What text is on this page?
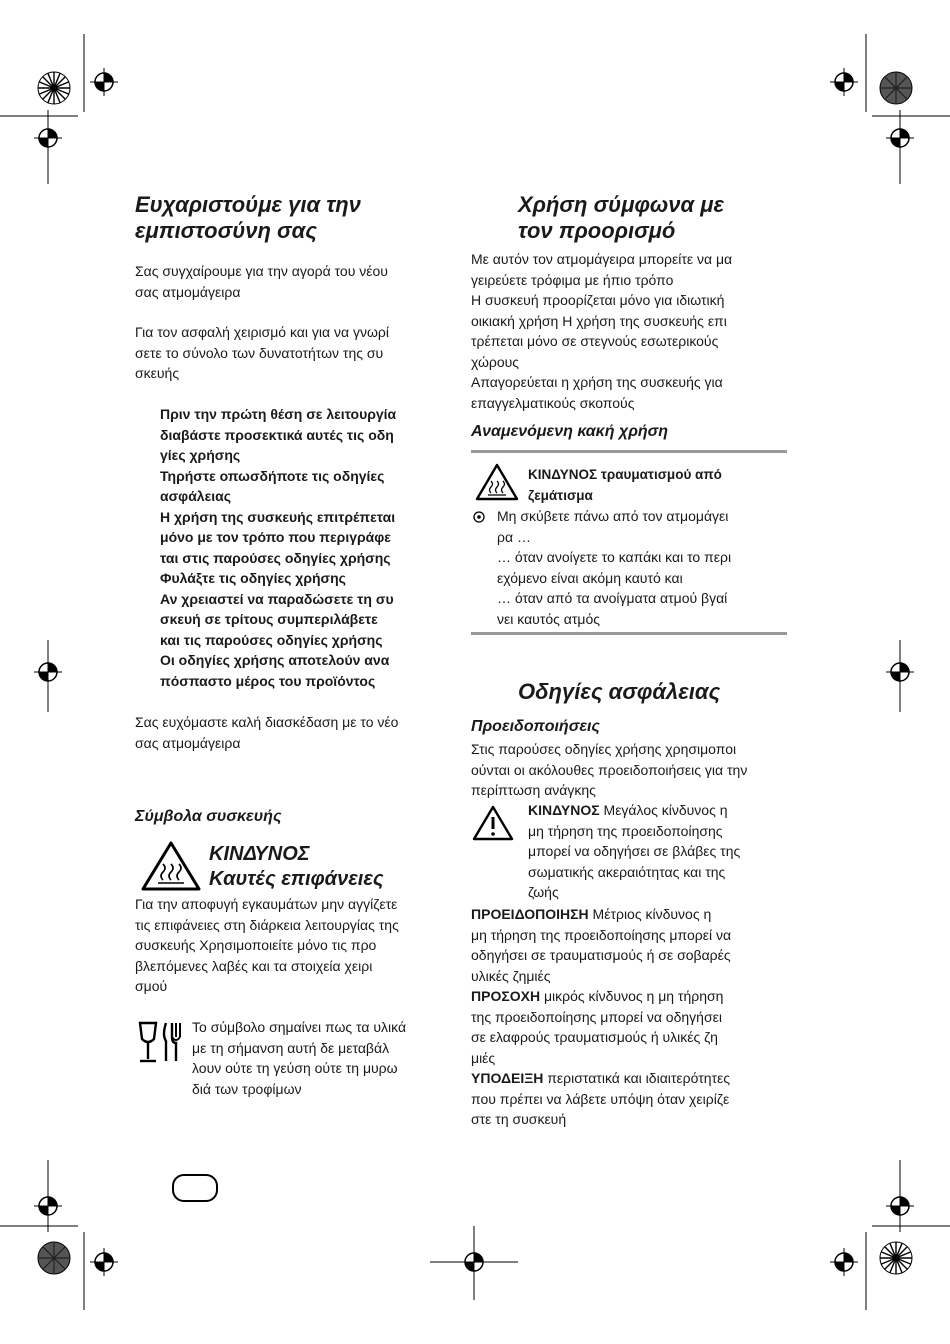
Ευχαριστούμε για την
εμπιστοσύνη σας

Σας συγχαίρουμε για την αγορά του νέου
σας ατμομάγειρα

Για τον ασφαλή χειρισμό και για να γνωρί
σετε το σύνολο των δυνατοτήτων της συ
σκευής

Πριν την πρώτη θέση σε λειτουργία
διαβάστε προσεκτικά αυτές τις οδη
γίες χρήσης
Τηρήστε οπωσδήποτε τις οδηγίες
ασφάλειας
Η χρήση της συσκευής επιτρέπεται
μόνο με τον τρόπο που περιγράφε
ται στις παρούσες οδηγίες χρήσης
Φυλάξτε τις οδηγίες χρήσης
Αν χρειαστεί να παραδώσετε τη συ
σκευή σε τρίτους συμπεριλάβετε
και τις παρούσες οδηγίες χρήσης
Οι οδηγίες χρήσης αποτελούν ανα
πόσπαστο μέρος του προϊόντος

Σας ευχόμαστε καλή διασκέδαση με το νέο
σας ατμομάγειρα

Σύμβολα συσκευής
ΚΙΝΔΥΝΟΣ
Καυτές επιφάνειες

Για την αποφυγή εγκαυμάτων μην αγγίζετε
τις επιφάνειες στη διάρκεια λειτουργίας της
συσκευής Χρησιμοποιείτε μόνο τις προ
βλεπόμενες λαβές και τα στοιχεία χειρι
σμού

Το σύμβολο σημαίνει πως τα υλικά
με τη σήμανση αυτή δε μεταβάλ
λουν ούτε τη γεύση ούτε τη μυρω
διά των τροφίμων

Χρήση σύμφωνα με
τον προορισμό

Με αυτόν τον ατμομάγειρα μπορείτε να μα
γειρεύετε τρόφιμα με ήπιο τρόπο
Η συσκευή προορίζεται μόνο για ιδιωτική
οικιακή χρήση Η χρήση της συσκευής επι
τρέπεται μόνο σε στεγνούς εσωτερικούς
χώρους
Απαγορεύεται η χρήση της συσκευής για
επαγγελματικούς σκοπούς

Αναμενόμενη κακή χρήση

ΚΙΝΔΥΝΟΣ τραυματισμού από
ζεμάτισμα

Μη σκύβετε πάνω από τον ατμομάγει
ρα …

… όταν ανοίγετε το καπάκι και το περι
εχόμενο είναι ακόμη καυτό και

… όταν από τα ανοίγματα ατμού βγαί
νει καυτός ατμός

Οδηγίες ασφάλειας
Προειδοποιήσεις

Στις παρούσες οδηγίες χρήσης χρησιμοποι
ούνται οι ακόλουθες προειδοποιήσεις για την
περίπτωση ανάγκης

ΚΙΝΔΥΝΟΣ Μεγάλος κίνδυνος η
μη τήρηση της προειδοποίησης
μπορεί να οδηγήσει σε βλάβες της
σωματικής ακεραιότητας και της
ζωής

ΠΡΟΕΙΔΟΠΟΙΗΣΗ Μέτριος κίνδυνος η
μη τήρηση της προειδοποίησης μπορεί να
οδηγήσει σε τραυματισμούς ή σε σοβαρές
υλικές ζημιές

ΠΡΟΣΟΧΗ μικρός κίνδυνος η μη τήρηση
της προειδοποίησης μπορεί να οδηγήσει
σε ελαφρούς τραυματισμούς ή υλικές ζη
μιές

ΥΠΟΔΕΙΞΗ περιστατικά και ιδιαιτερότητες
που πρέπει να λάβετε υπόψη όταν χειρίζε
στε τη συσκευή
